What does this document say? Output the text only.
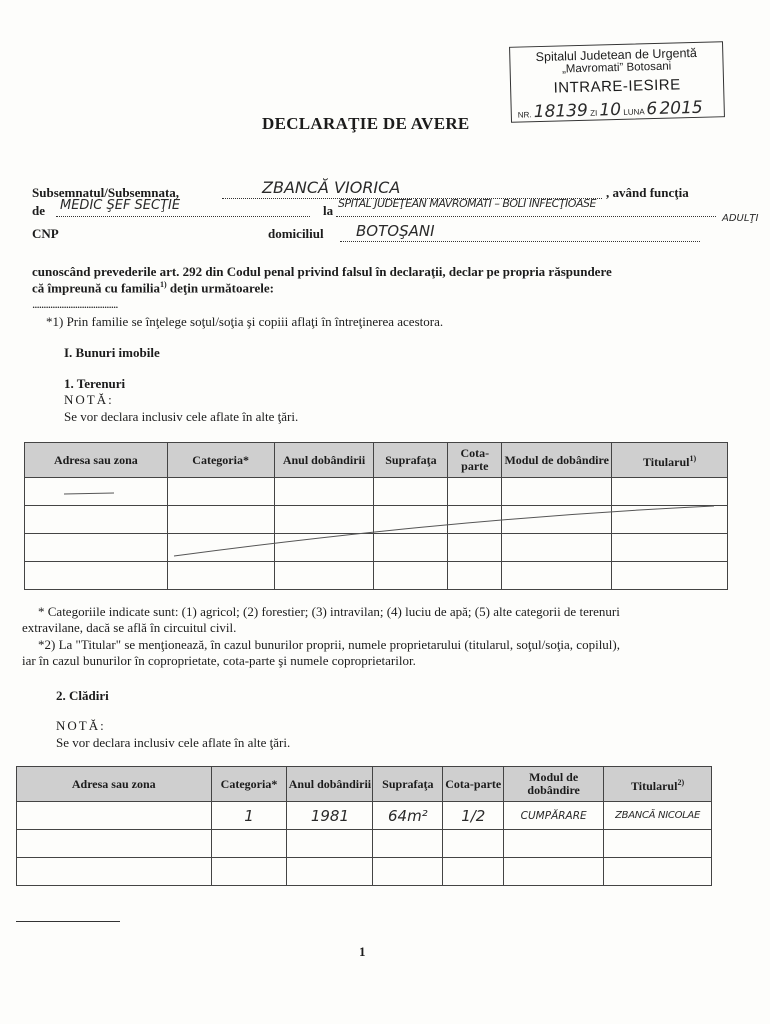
Spitalul Judetean de Urgentă
„Mavromati” Botosani
INTRARE-IESIRE
NR. 18139 ZI 10 LUNA 6 2015
DECLARAŢIE DE AVERE
Subsemnatul/Subsemnata,	ZBANCĂ VIORICA	, având funcţia
de MEDIC ŞEF SECŢIE	la SPITAL JUDEŢEAN MAVROMATI – BOLI INFECŢIOASE
ADULŢI
CNP	domiciliul BOTOŞANI
cunoscând prevederile art. 292 din Codul penal privind falsul în declaraţii, declar pe propria răspundere
că împreună cu familia$^{1)}$ deţin următoarele:
......................................
*1) Prin familie se înţelege soţul/soţia şi copiii aflaţi în întreţinerea acestora.
I. Bunuri imobile
1. Terenuri
NOTĂ:
Se vor declara inclusiv cele aflate în alte ţări.
Adresa sau zona	Categoria*	Anul dobândirii	Suprafaţa	Cota-parte	Modul de dobândire	Titularul$^{1)}$

* Categoriile indicate sunt: (1) agricol; (2) forestier; (3) intravilan; (4) luciu de apă; (5) alte categorii de terenuri
extravilane, dacă se află în circuitul civil.
*2) La "Titular" se menţionează, în cazul bunurilor proprii, numele proprietarului (titularul, soţul/soţia, copilul),
iar în cazul bunurilor în coproprietate, cota-parte şi numele coproprietarilor.
2. Clădiri
NOTĂ:
Se vor declara inclusiv cele aflate în alte ţări.
Adresa sau zona	Categoria*	Anul dobândirii	Suprafaţa	Cota-parte	Modul de dobândire	Titularul$^{2)}$
	1	1981	64m²	1/2	CUMPĂRARE	ZBANCĂ NICOLAE

1
